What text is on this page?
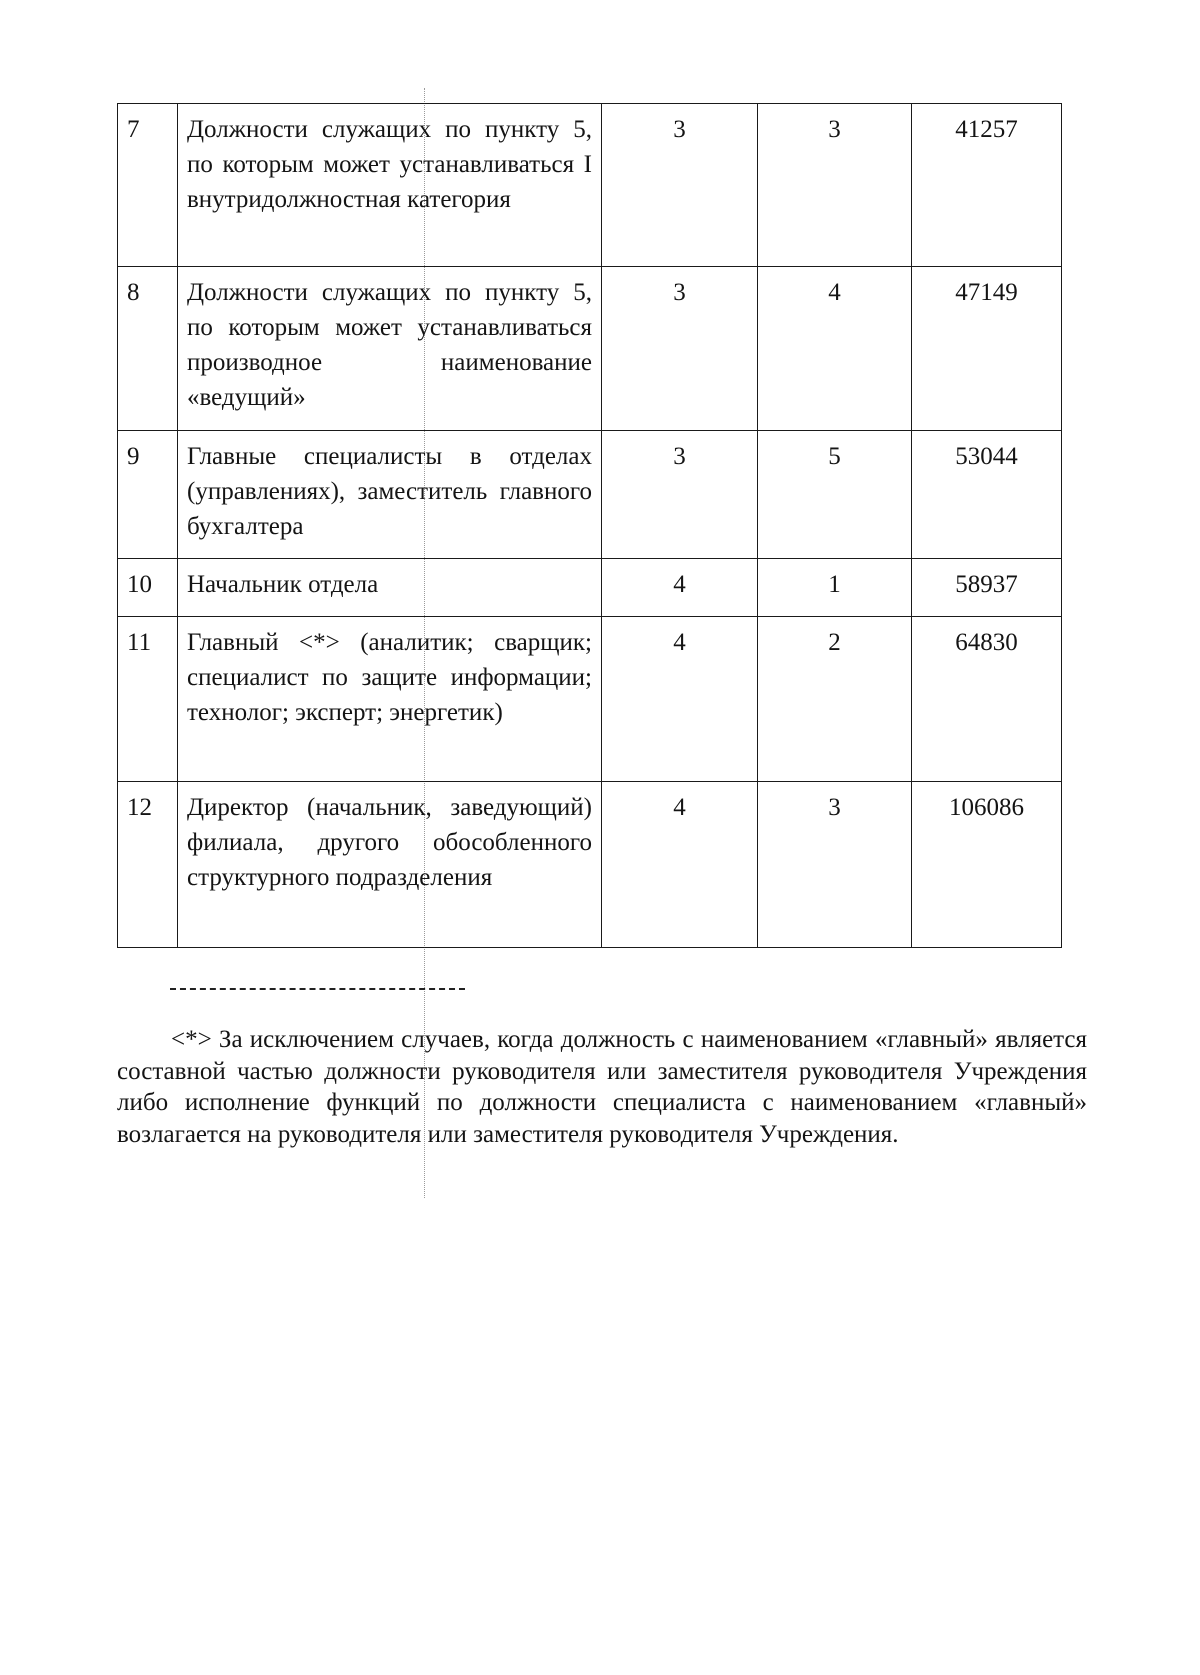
7	Должности служащих по пункту 5, по которым может устанавливаться I внутридолжностная категория	3	3	41257
8	Должности служащих по пункту 5, по которым может устанавливаться производное наименование «ведущий»	3	4	47149
9	Главные специалисты в отделах (управлениях), заместитель главного бухгалтера	3	5	53044
10	Начальник отдела	4	1	58937
11	Главный <*> (аналитик; сварщик; специалист по защите информации; технолог; эксперт; энергетик)	4	2	64830
12	Директор (начальник, заведующий) филиала, другого обособленного структурного подразделения	4	3	106086

<*> За исключением случаев, когда должность с наименованием «главный» является составной частью должности руководителя или заместителя руководителя Учреждения либо исполнение функций по должности специалиста с наименованием «главный» возлагается на руководителя или заместителя руководителя Учреждения.
